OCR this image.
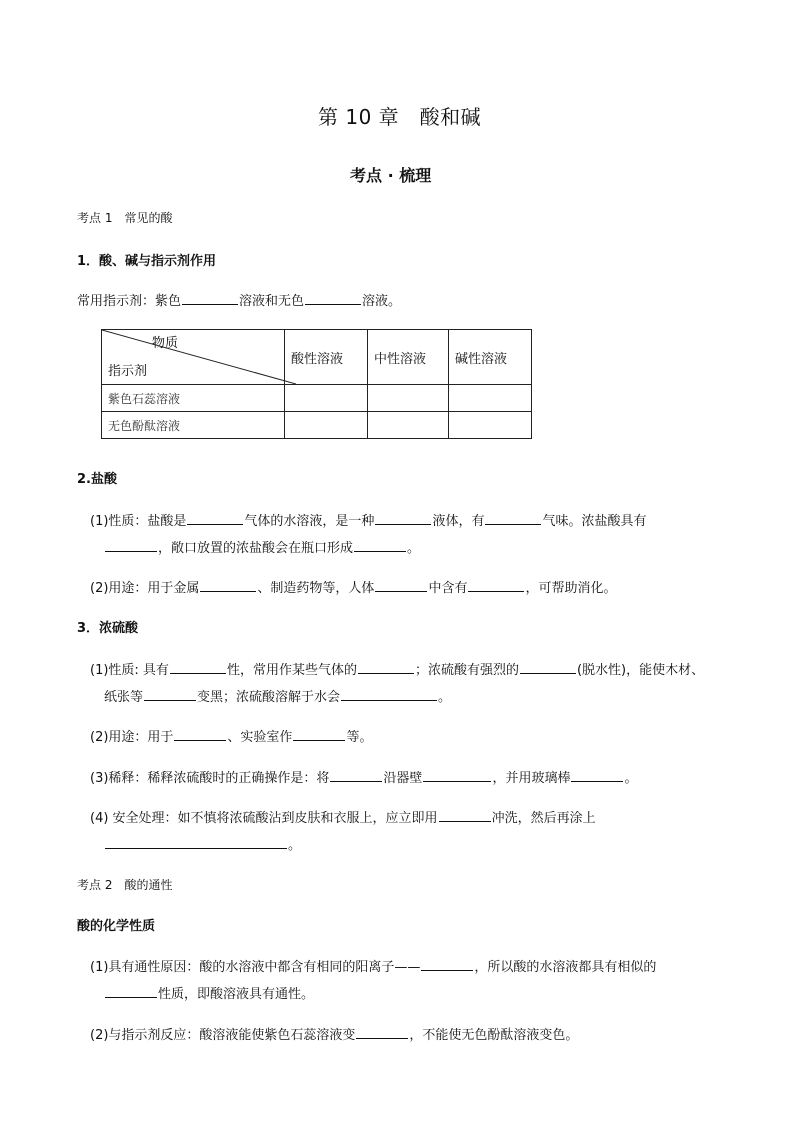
第 10 章　酸和碱
考点 · 梳理
考点 1　常见的酸
1．酸、碱与指示剂作用
常用指示剂：紫色	溶液和无色	溶液。
物质
指示剂	酸性溶液	中性溶液	碱性溶液
紫色石蕊溶液			
无色酚酞溶液			
2.盐酸
(1)性质：盐酸是	气体的水溶液，是一种	液体，有	气味。浓盐酸具有
，敞口放置的浓盐酸会在瓶口形成	。
(2)用途：用于金属	、制造药物等，人体	中含有	，可帮助消化。
3．浓硫酸
(1)性质: 具有	性，常用作某些气体的	；浓硫酸有强烈的	(脱水性)，能使木材、
纸张等	变黑；浓硫酸溶解于水会	。
(2)用途：用于	、实验室作	等。
(3)稀释：稀释浓硫酸时的正确操作是：将	沿器壁	，并用玻璃棒	。
(4) 安全处理：如不慎将浓硫酸沾到皮肤和衣服上，应立即用	冲洗，然后再涂上
。
考点 2　酸的通性
酸的化学性质
(1)具有通性原因：酸的水溶液中都含有相同的阳离子——	，所以酸的水溶液都具有相似的
性质，即酸溶液具有通性。
(2)与指示剂反应：酸溶液能使紫色石蕊溶液变	，不能使无色酚酞溶液变色。
